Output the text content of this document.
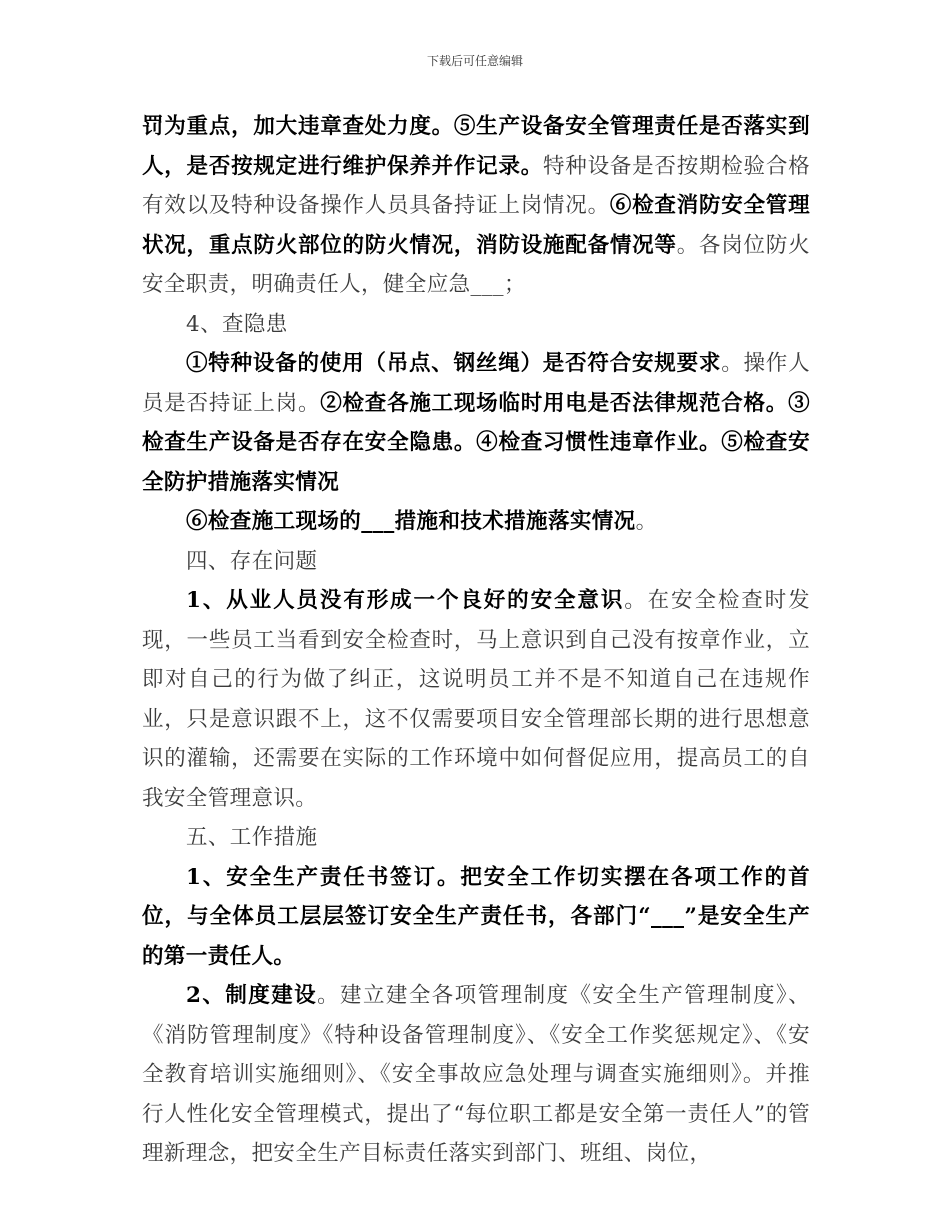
下载后可任意编辑

罚为重点，加大违章查处力度。⑤生产设备安全管理责任是否落实到人，是否按规定进行维护保养并作记录。特种设备是否按期检验合格有效以及特种设备操作人员具备持证上岗情况。⑥检查消防安全管理状况，重点防火部位的防火情况，消防设施配备情况等。各岗位防火安全职责，明确责任人，健全应急___；

4、查隐患

①特种设备的使用（吊点、钢丝绳）是否符合安规要求。操作人员是否持证上岗。②检查各施工现场临时用电是否法律规范合格。③检查生产设备是否存在安全隐患。④检查习惯性违章作业。⑤检查安全防护措施落实情况

⑥检查施工现场的___措施和技术措施落实情况。

四、存在问题

1、从业人员没有形成一个良好的安全意识。在安全检查时发现，一些员工当看到安全检查时，马上意识到自己没有按章作业，立即对自己的行为做了纠正，这说明员工并不是不知道自己在违规作业，只是意识跟不上，这不仅需要项目安全管理部长期的进行思想意识的灌输，还需要在实际的工作环境中如何督促应用，提高员工的自我安全管理意识。

五、工作措施

1、安全生产责任书签订。把安全工作切实摆在各项工作的首位，与全体员工层层签订安全生产责任书，各部门“___”是安全生产的第一责任人。

2、制度建设。建立建全各项管理制度《安全生产管理制度》、《消防管理制度》《特种设备管理制度》、《安全工作奖惩规定》、《安全教育培训实施细则》、《安全事故应急处理与调查实施细则》。并推行人性化安全管理模式，提出了“每位职工都是安全第一责任人”的管理新理念，把安全生产目标责任落实到部门、班组、岗位，
